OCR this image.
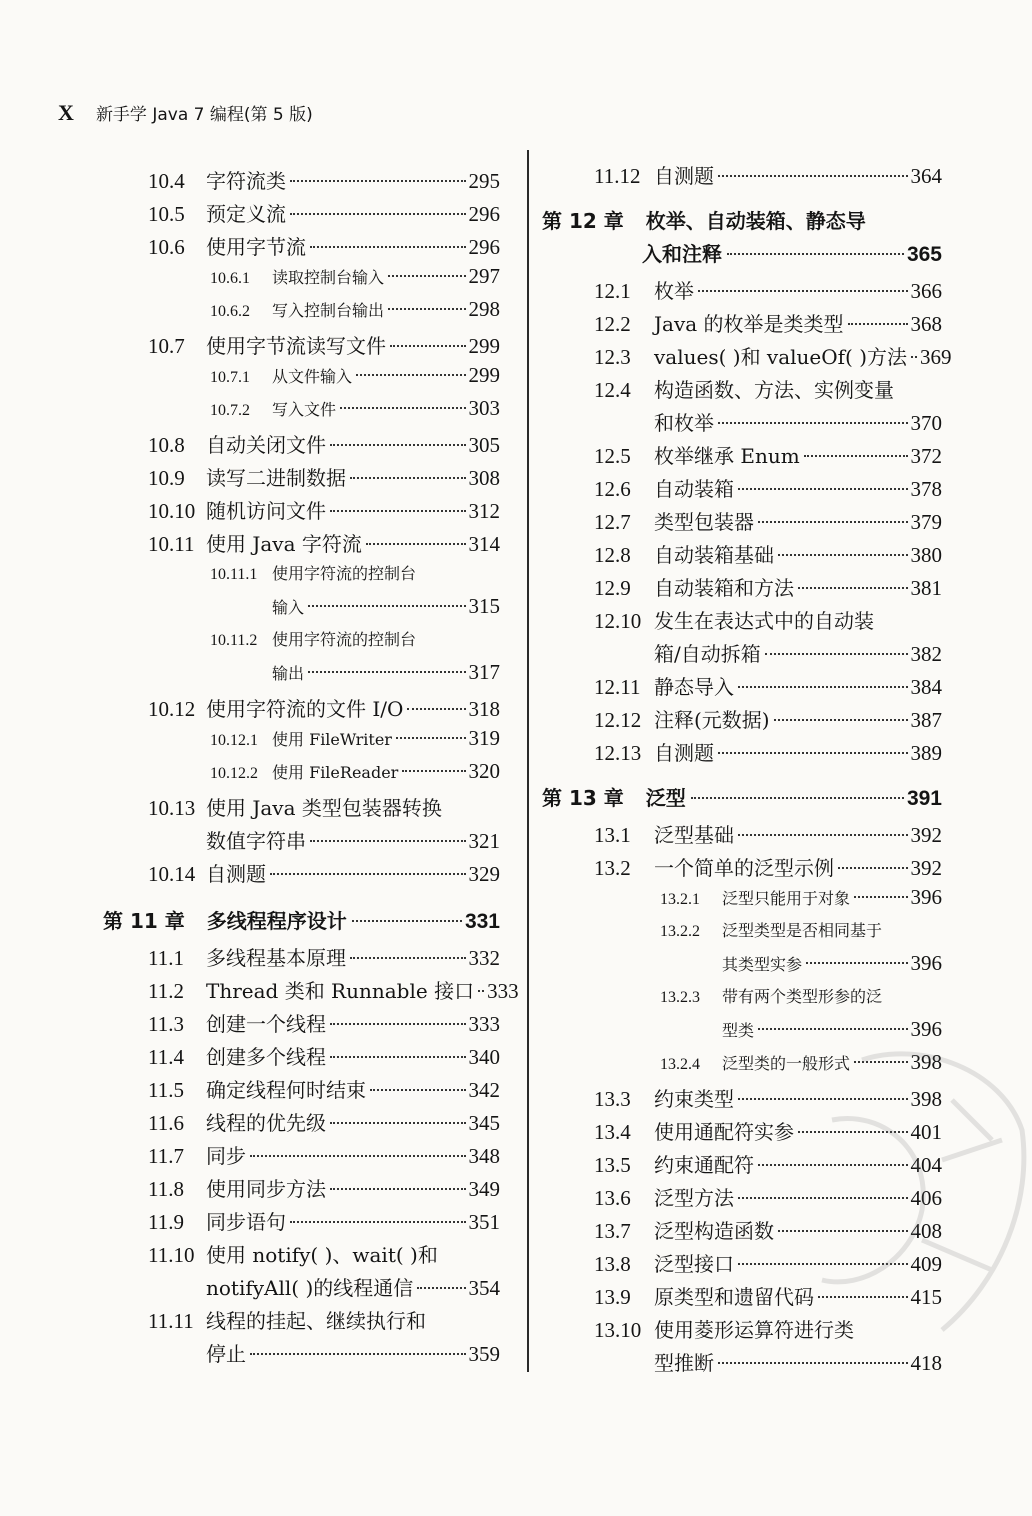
X 新手学 Java 7 编程(第 5 版)
10.4	字符流类	295
10.5	预定义流	296
10.6	使用字节流	296
10.6.1	读取控制台输入	297
10.6.2	写入控制台输出	298
10.7	使用字节流读写文件	299
10.7.1	从文件输入	299
10.7.2	写入文件	303
10.8	自动关闭文件	305
10.9	读写二进制数据	308
10.10 随机访问文件	312
10.11 使用 Java 字符流	314
10.11.1 使用字符流的控制台
输入	315
10.11.2 使用字符流的控制台
输出	317
10.12 使用字符流的文件 I/O	318
10.12.1 使用 FileWriter	319
10.12.2 使用 FileReader	320
10.13 使用 Java 类型包装器转换
数值字符串	321
10.14 自测题	329
第 11 章 多线程程序设计	331
11.1	多线程基本原理	332
11.2	Thread 类和 Runnable 接口 333
11.3	创建一个线程	333
11.4	创建多个线程	340
11.5	确定线程何时结束	342
11.6	线程的优先级	345
11.7	同步	348
11.8	使用同步方法	349
11.9	同步语句	351
11.10 使用 notify( )、wait( )和
notifyAll( )的线程通信	354
11.11 线程的挂起、继续执行和
停止	359
11.12 自测题	364
第 12 章 枚举、自动装箱、静态导
入和注释	365
12.1	枚举	366
12.2	Java 的枚举是类类型	368
12.3	values( )和 valueOf( )方法 369
12.4	构造函数、方法、实例变量
和枚举	370
12.5	枚举继承 Enum	372
12.6	自动装箱	378
12.7	类型包装器	379
12.8	自动装箱基础	380
12.9	自动装箱和方法	381
12.10 发生在表达式中的自动装
箱/自动拆箱	382
12.11 静态导入	384
12.12 注释(元数据)	387
12.13 自测题	389
第 13 章 泛型	391
13.1	泛型基础	392
13.2	一个简单的泛型示例	392
13.2.1	泛型只能用于对象	396
13.2.2	泛型类型是否相同基于
其类型实参	396
13.2.3	带有两个类型形参的泛
型类	396
13.2.4	泛型类的一般形式	398
13.3	约束类型	398
13.4	使用通配符实参	401
13.5	约束通配符	404
13.6	泛型方法	406
13.7	泛型构造函数	408
13.8	泛型接口	409
13.9	原类型和遗留代码	415
13.10 使用菱形运算符进行类
型推断	418
